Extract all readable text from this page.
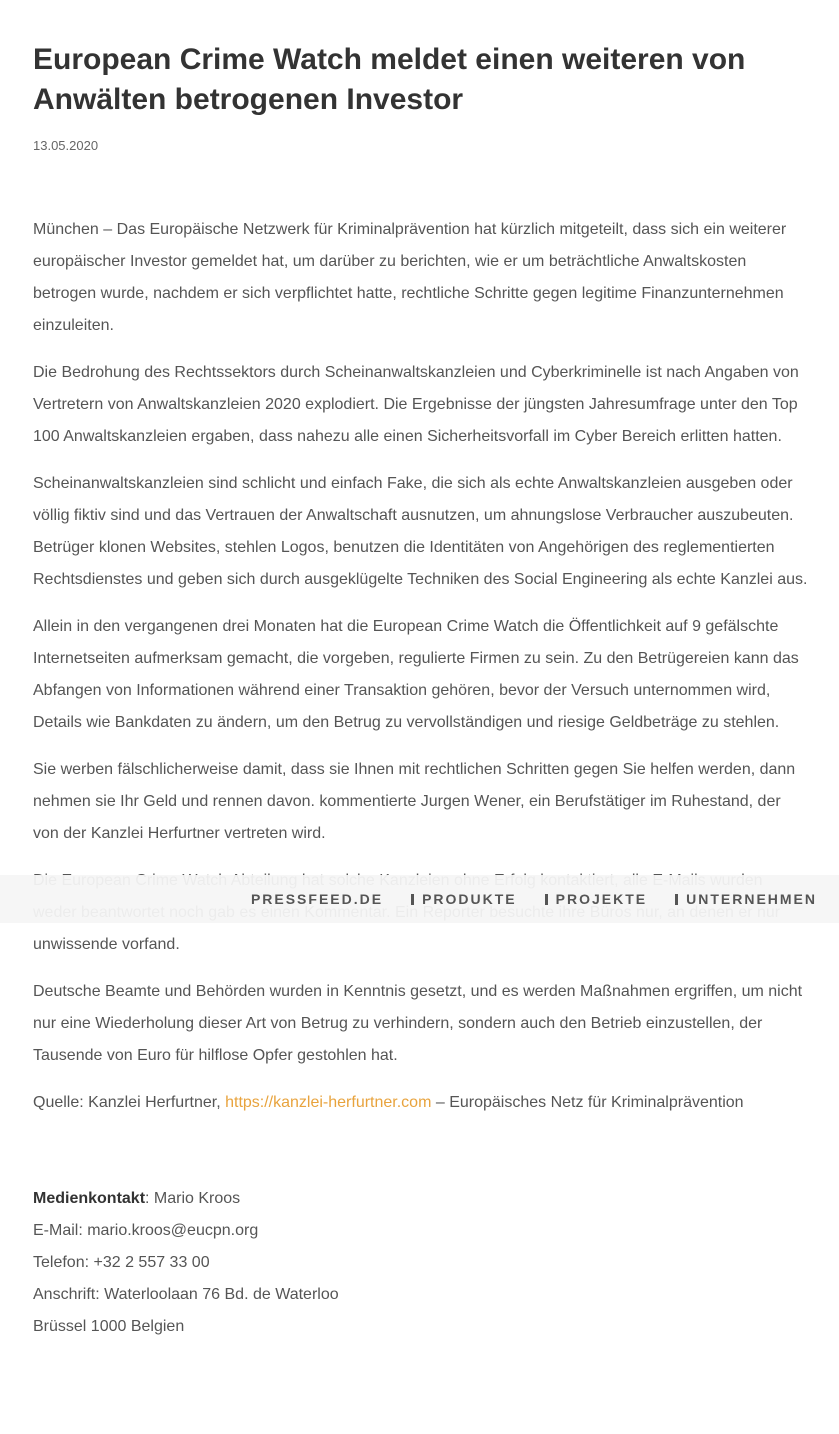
European Crime Watch meldet einen weiteren von Anwälten betrogenen Investor
13.05.2020

München – Das Europäische Netzwerk für Kriminalprävention hat kürzlich mitgeteilt, dass sich ein weiterer europäischer Investor gemeldet hat, um darüber zu berichten, wie er um beträchtliche Anwaltskosten betrogen wurde, nachdem er sich verpflichtet hatte, rechtliche Schritte gegen legitime Finanzunternehmen einzuleiten.

Die Bedrohung des Rechtssektors durch Scheinanwaltskanzleien und Cyberkriminelle ist nach Angaben von Vertretern von Anwaltskanzleien 2020 explodiert. Die Ergebnisse der jüngsten Jahresumfrage unter den Top 100 Anwaltskanzleien ergaben, dass nahezu alle einen Sicherheitsvorfall im Cyber Bereich erlitten hatten.

Scheinanwaltskanzleien sind schlicht und einfach Fake, die sich als echte Anwaltskanzleien ausgeben oder völlig fiktiv sind und das Vertrauen der Anwaltschaft ausnutzen, um ahnungslose Verbraucher auszubeuten. Betrüger klonen Websites, stehlen Logos, benutzen die Identitäten von Angehörigen des reglementierten Rechtsdienstes und geben sich durch ausgeklügelte Techniken des Social Engineering als echte Kanzlei aus.

Allein in den vergangenen drei Monaten hat die European Crime Watch die Öffentlichkeit auf 9 gefälschte Internetseiten aufmerksam gemacht, die vorgeben, regulierte Firmen zu sein. Zu den Betrügereien kann das Abfangen von Informationen während einer Transaktion gehören, bevor der Versuch unternommen wird, Details wie Bankdaten zu ändern, um den Betrug zu vervollständigen und riesige Geldbeträge zu stehlen.

Sie werben fälschlicherweise damit, dass sie Ihnen mit rechtlichen Schritten gegen Sie helfen werden, dann nehmen sie Ihr Geld und rennen davon. kommentierte Jurgen Wener, ein Berufstätiger im Ruhestand, der von der Kanzlei Herfurtner vertreten wird.

unwissende vorfand.

Deutsche Beamte und Behörden wurden in Kenntnis gesetzt, und es werden Maßnahmen ergriffen, um nicht nur eine Wiederholung dieser Art von Betrug zu verhindern, sondern auch den Betrieb einzustellen, der Tausende von Euro für hilflose Opfer gestohlen hat.

Quelle: Kanzlei Herfurtner, https://kanzlei-herfurtner.com – Europäisches Netz für Kriminalprävention

Medienkontakt: Mario Kroos
E-Mail: mario.kroos@eucpn.org
Telefon: +32 2 557 33 00
Anschrift: Waterloolaan 76 Bd. de Waterloo
Brüssel 1000 Belgien
PRESSFEED.DE	PRODUKTE	PROJEKTE	UNTERNEHMEN
